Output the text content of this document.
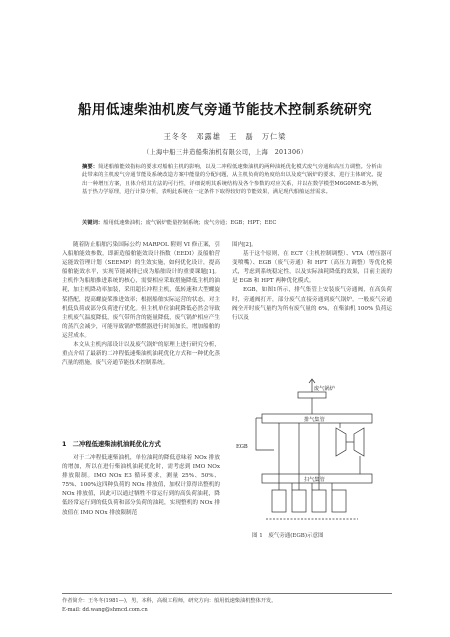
船用低速柴油机废气旁通节能技术控制系统研究
王冬冬　邓露雄　王　磊　万仁梁
（上海中船三井造船柴油机有限公司，上海　201306）
摘要：简述船舶能效指标的要求对船舶主机的影响，以及二冲程低速柴油机的两种油耗优化模式废气旁通和高压力调整。分析由此带来的主机废气旁通节能及系统改造方案中能量的分配问题，从主机负荷的角度给出以及废气锅炉的要求，进行主体研究。提出一种增压方案，且体介绍其方法的可行性，详细说明其系统结构及各个参数的对应关系，并以在数学模型M6G0ME-B为例，基于热力学原理，进行计算分析，表明此系统在一定条件下取得较好的节能效果，满足现代船舶运营需求。
关键词：船用低速柴油机；废气锅炉能量控制系统；废气旁通；EGB；HPT；EEC

随着防止船舶污染国际公约 MARPOL 附则 VI 修正案，引入船舶能效参数，即新造船舶能效设计指数（EEDI）及船舶营运能效管理计划（SEEMP）的生效实施，如何优化设计，提高船舶能效水平，实现节能减排已成为船舶设计的重要课题[1]。主机作为船舶推进系统的核心，需要相应采取措施降低主机的油耗，加主机降功率加装，采用超长冲程主机，低转速和大型螺旋桨搭配，提高螺旋桨推进效率；根据船舶实际运营的状态，对主机低负荷或部分负荷进行优化。但主机单位油耗降低必然会导致主机废气温度降低，废气带所含的能量降低，废气锅炉相应产生的蒸汽会减少，可能导致锅炉燃燃器进行时间加长，增加船舶的运营成本。

本文从主机内部设计以及废气锅炉的原理上进行研究分析，重点介绍了最新的二冲程低速柴油机油耗优化方式和一种优化蒸汽量的措施，废气旁通节能技术控制系统。

1　二冲程低速柴油机油耗优化方式

对于二冲程低速柴油机，单位油耗的降低意味着 NOx 排放的增加，所以在进行柴油机油耗优化时，需考虑到 IMO NOx 排放限制。IMO NOx E3 循环要求，测量 25%、50%、75%、100%这四种负荷的 NOx 排放值，加权计算得出整机的 NOx 排放值，因此可以通过牺牲不常运行到的高负荷油耗，降低经常运行到的低负荷和部分负荷的油耗，实现整机的 NOx 排放值在 IMO NOx 排放限制范

围内[2]。

基于这个原则，在 ECT（主机控制调整）、VTA（增压器可变喷嘴）、EGB（废气旁通）和 HPT（高压力调整）等优化模式，考虑到系统稳定性，以及实际油耗降低的效果，目前主流的是 EGB 和 HPT 两种优化模式。

EGB，如图1所示，排气集管上安装废气旁通阀，在高负荷时，旁通阀打开，部分废气直接旁通到废气锅炉，一般废气旁通阀全开时废气量约为所有废气量的 6%，在柴油机 100% 负荷运行以及

废气锅炉
排气集管
EGB
扫气集管
图 1　废气旁通(EGB)示意图
作者简介：王冬冬(1981—)，男，本科，高级工程师，研究方向：船用低速柴油机整体开发。
E-mail: dd.wang@shmcd.com.cn
